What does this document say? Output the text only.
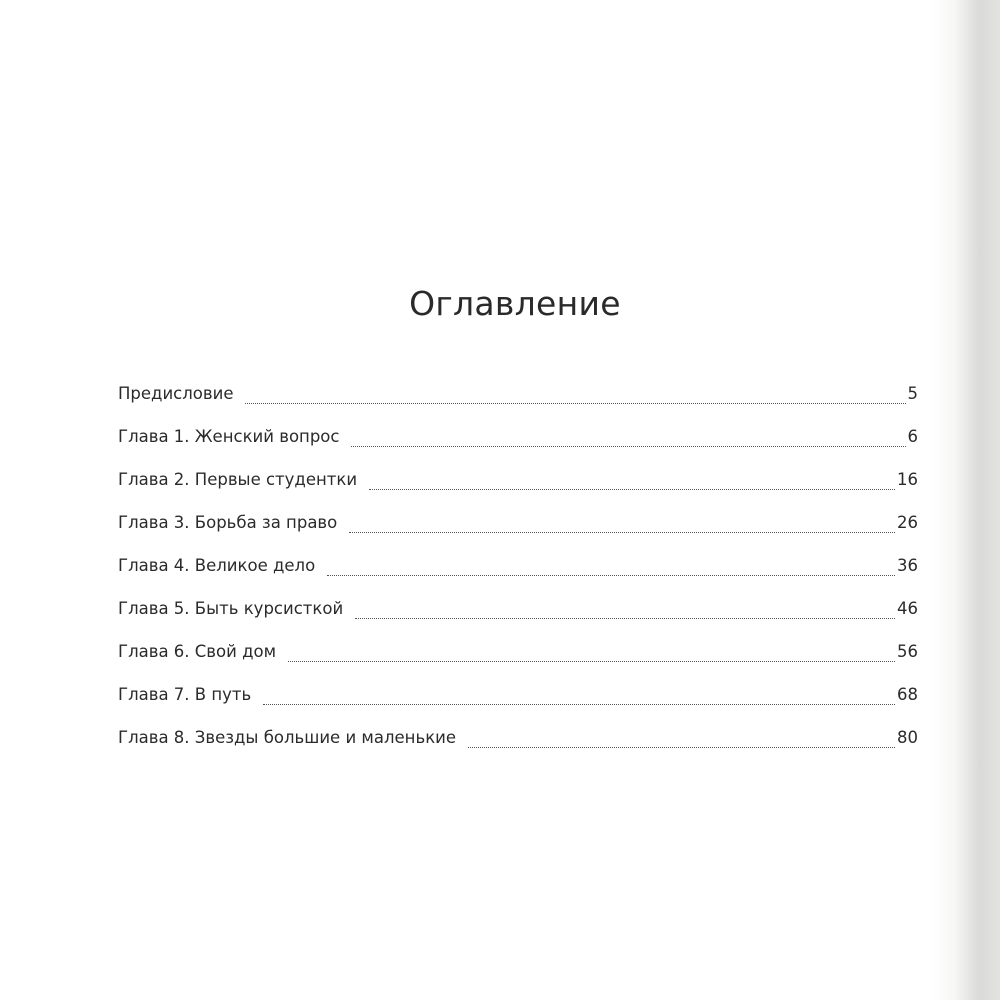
Оглавление
Предисловие	5
Глава 1. Женский вопрос	6
Глава 2. Первые студентки	16
Глава 3. Борьба за право	26
Глава 4. Великое дело	36
Глава 5. Быть курсисткой	46
Глава 6. Свой дом	56
Глава 7. В путь	68
Глава 8. Звезды большие и маленькие	80
